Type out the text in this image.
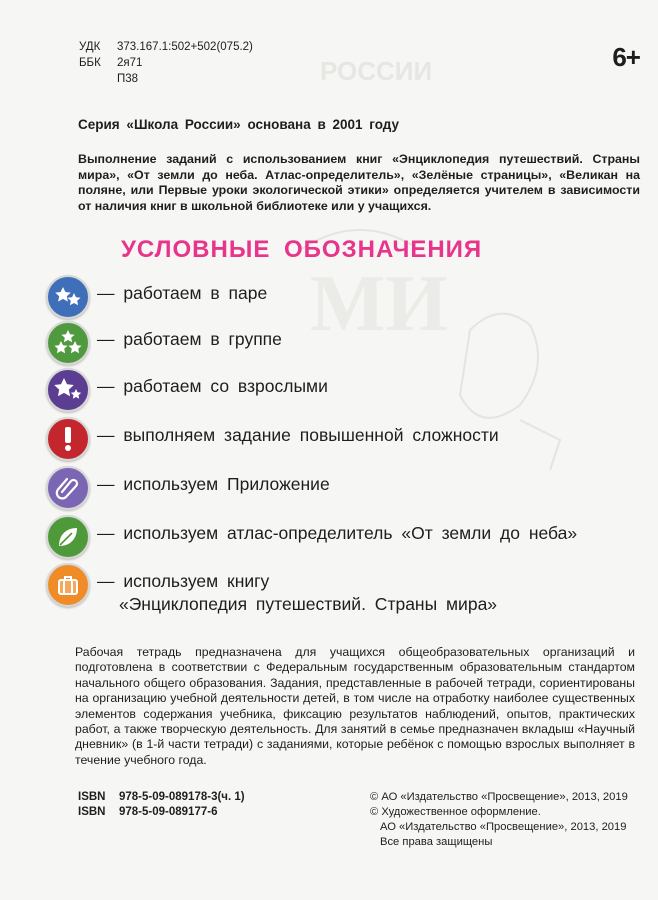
РОССИИ
МИ
УДК 373.167.1:502+502(075.2)
ББК 2я71
П38
6+
Серия «Школа России» основана в 2001 году
Выполнение заданий с использованием книг «Энциклопедия путешествий. Страны мира», «От земли до неба. Атлас-определитель», «Зелёные страницы», «Великан на поляне, или Первые уроки экологической этики» определяется учителем в зависимости от наличия книг в школьной библиотеке или у учащихся.
УСЛОВНЫЕ ОБОЗНАЧЕНИЯ
— работаем в паре
— работаем в группе
— работаем со взрослыми
— выполняем задание повышенной сложности
— используем Приложение
— используем атлас-определитель «От земли до неба»
— используем книгу
«Энциклопедия путешествий. Страны мира»
Рабочая тетрадь предназначена для учащихся общеобразовательных организаций и подготовлена в соответствии с Федеральным государственным образовательным стандартом начального общего образования. Задания, представленные в рабочей тетради, сориентированы на организацию учебной деятельности детей, в том числе на отработку наиболее существенных элементов содержания учебника, фиксацию результатов наблюдений, опытов, практических работ, а также творческую деятельность. Для занятий в семье предназначен вкладыш «Научный дневник» (в 1-й части тетради) с заданиями, которые ребёнок с помощью взрослых выполняет в течение учебного года.
ISBN 978-5-09-089178-3(ч. 1)
ISBN 978-5-09-089177-6
© АО «Издательство «Просвещение», 2013, 2019
© Художественное оформление.
АО «Издательство «Просвещение», 2013, 2019
Все права защищены
